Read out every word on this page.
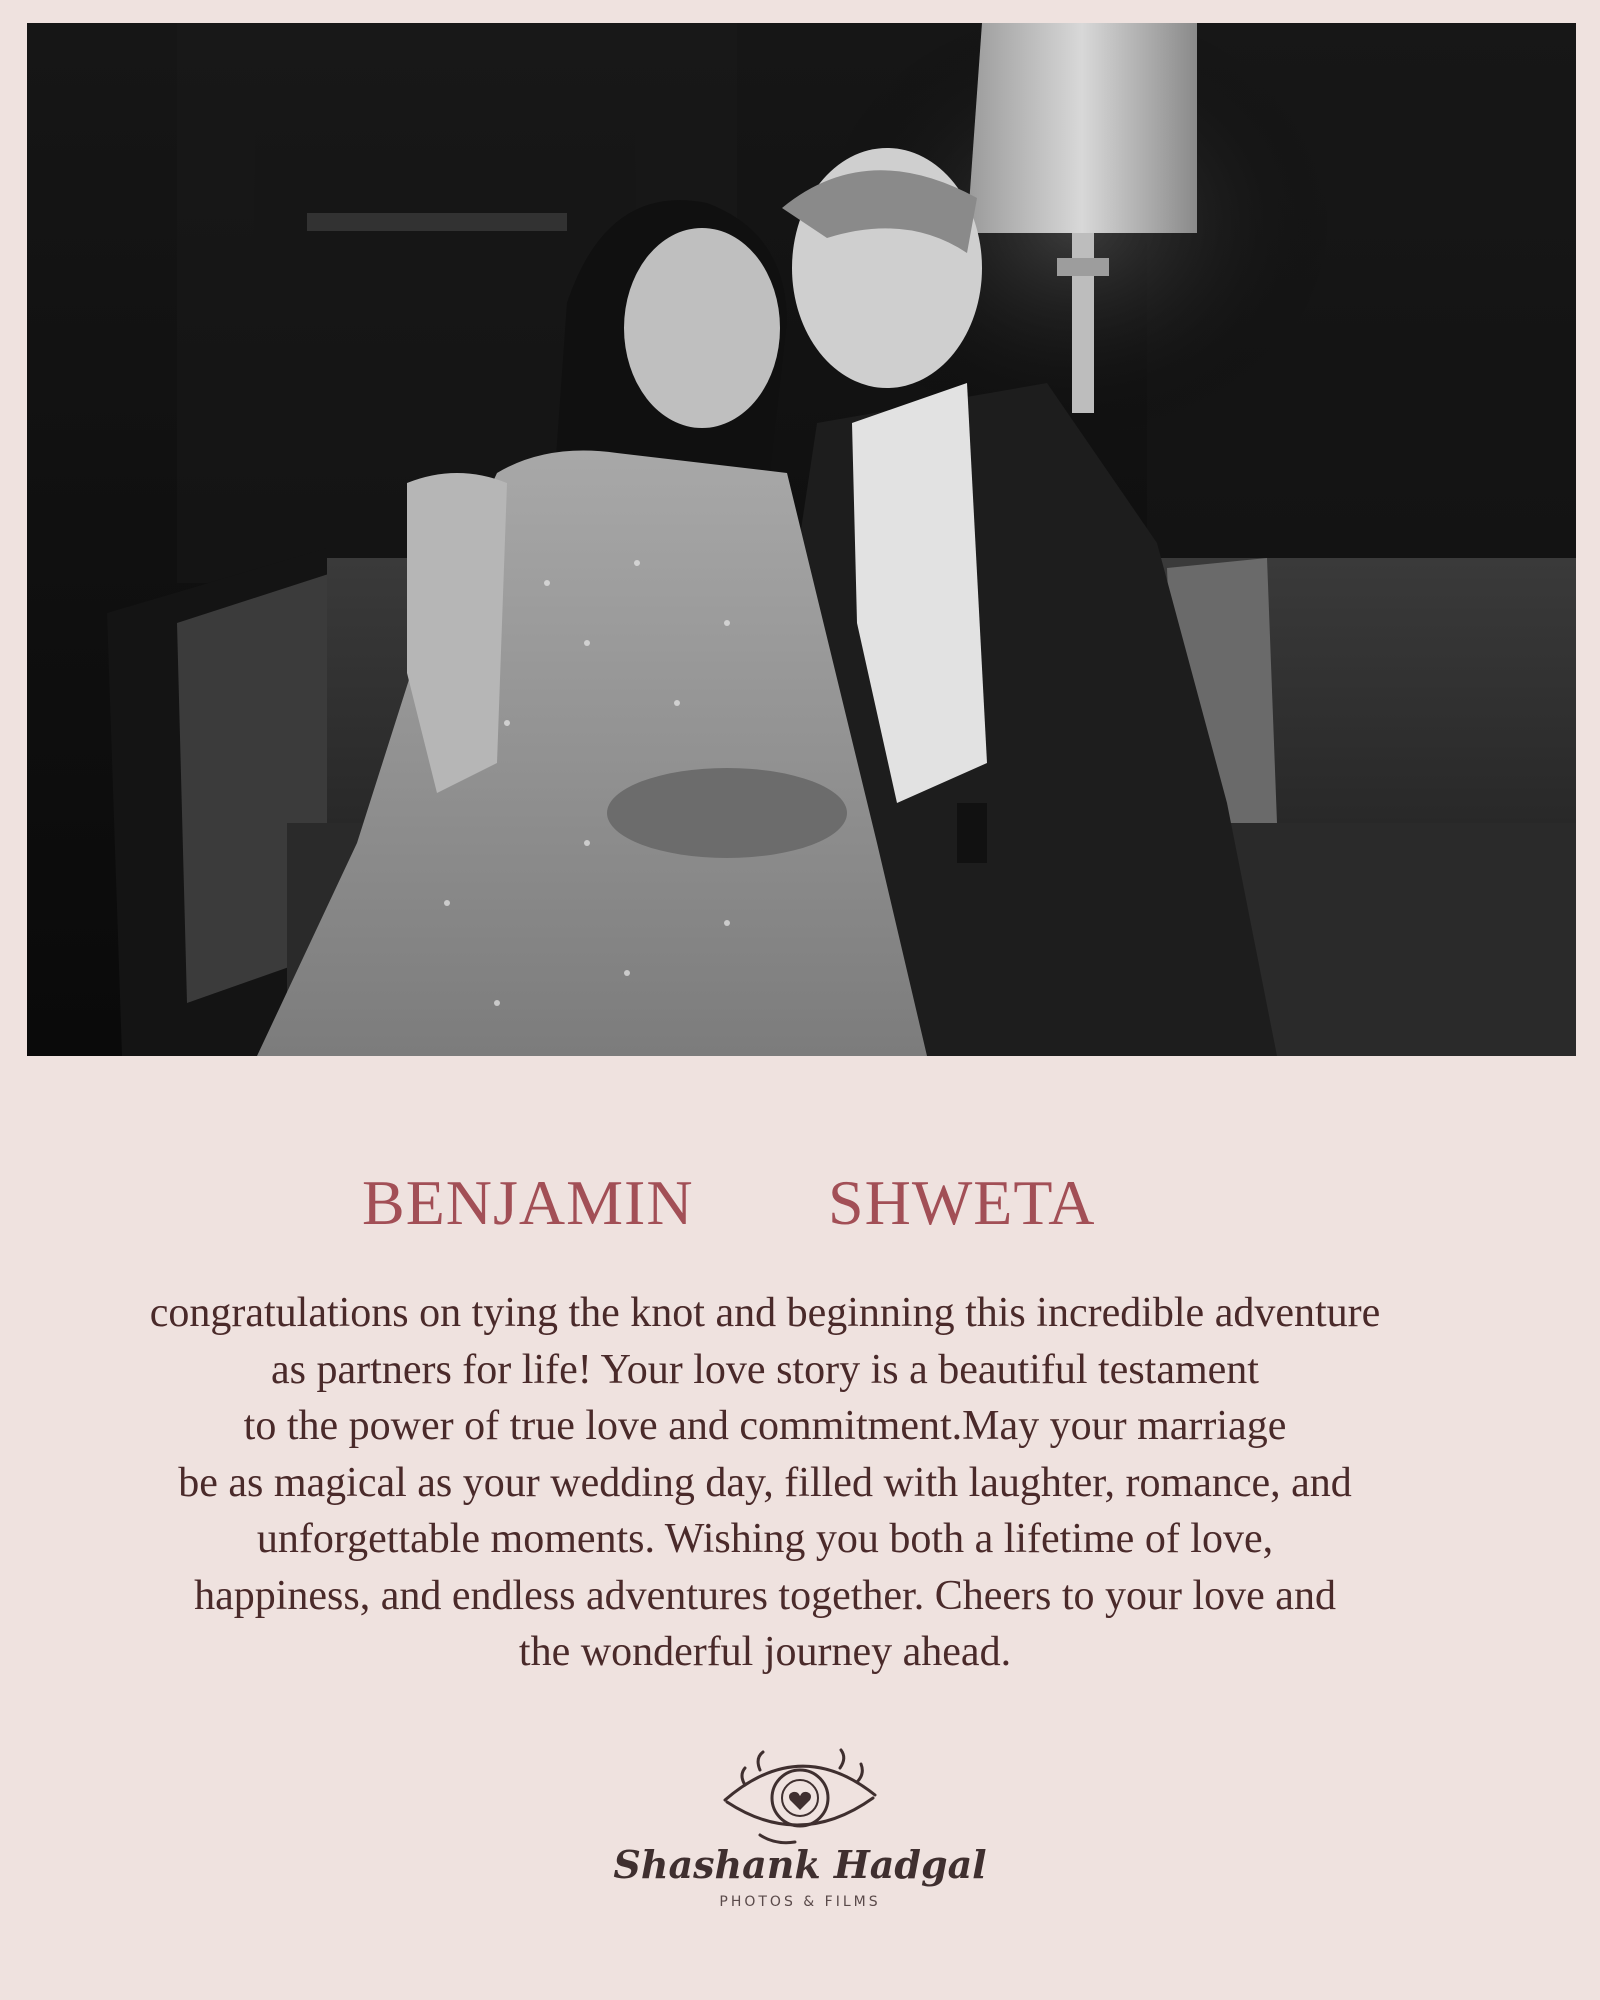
BENJAMIN SHWETA

congratulations on tying the knot and beginning this incredible adventure
as partners for life! Your love story is a beautiful testament
to the power of true love and commitment.May your marriage
be as magical as your wedding day, filled with laughter, romance, and
unforgettable moments. Wishing you both a lifetime of love,
happiness, and endless adventures together. Cheers to your love and
the wonderful journey ahead.

Shashank Hadgal
PHOTOS & FILMS
